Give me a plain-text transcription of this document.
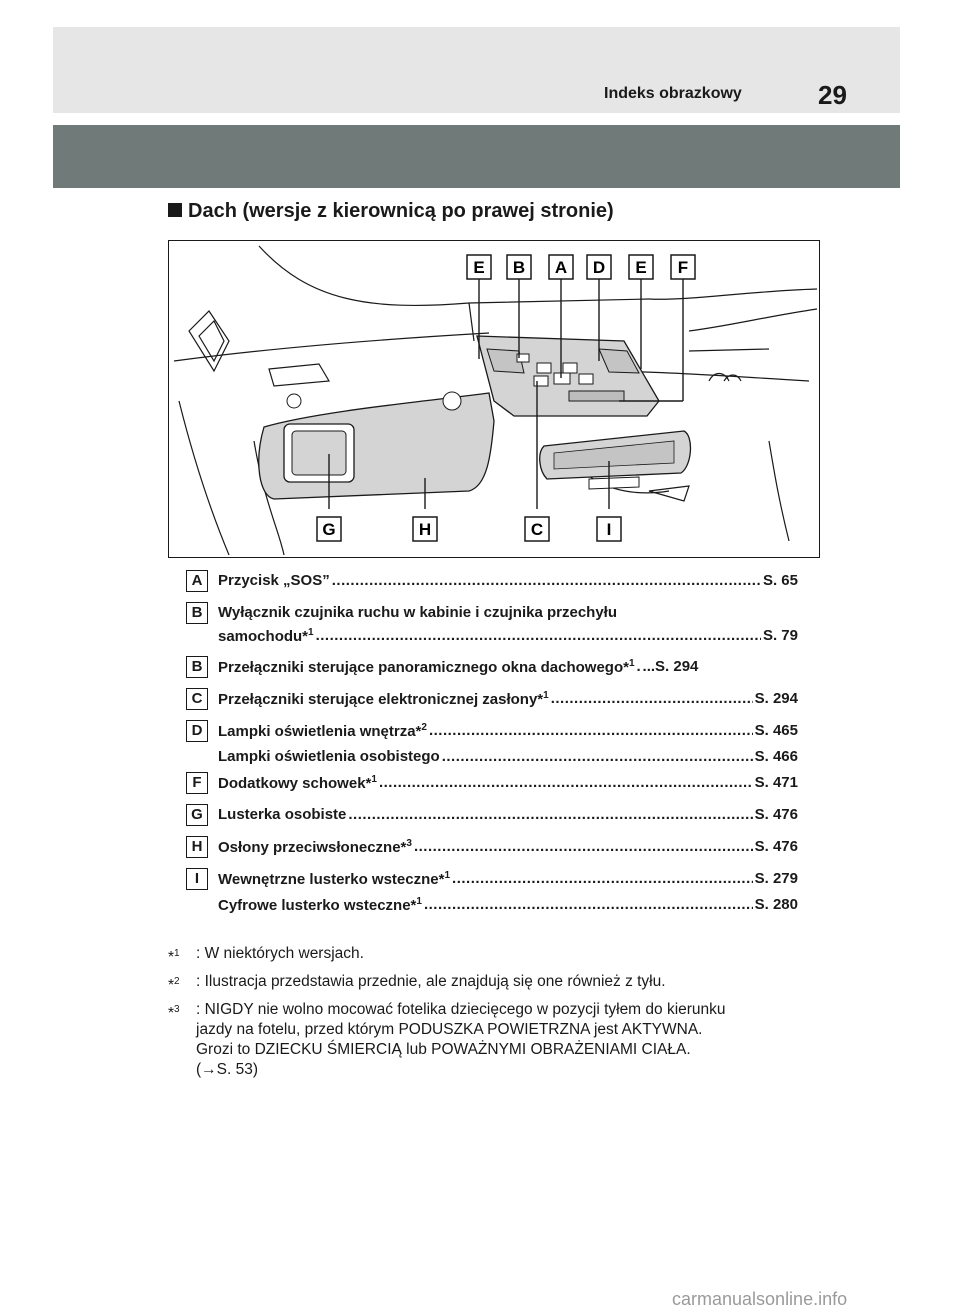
Indeks obrazkowy	29
Dach (wersje z kierownicą po prawej stronie)
E B A D E F
G	H	C	I
A	Przycisk „SOS” .....	S. 65
B	Wyłącznik czujnika ruchu w kabinie i czujnika przechyłu
samochodu*$^1$ .....	S. 79
B	Przełączniki sterujące panoramicznego okna dachowego*$^1$ ..... ...S. 294
C	Przełączniki sterujące elektronicznej zasłony*$^1$ .....	S. 294
D	Lampki oświetlenia wnętrza*$^2$ .....	S. 465
Lampki oświetlenia osobistego .....	S. 466
F	Dodatkowy schowek*$^1$ .....	S. 471
G	Lusterka osobiste .....	S. 476
H	Osłony przeciwsłoneczne*$^3$ .....	S. 476
I	Wewnętrzne lusterko wsteczne*$^1$ .....	S. 279
Cyfrowe lusterko wsteczne*$^1$ .....	S. 280
*$^1$ : W niektórych wersjach.
*$^2$ : Ilustracja przedstawia przednie, ale znajdują się one również z tyłu.
*$^3$ : NIGDY nie wolno mocować fotelika dziecięcego w pozycji tyłem do kierunku
jazdy na fotelu, przed którym PODUSZKA POWIETRZNA jest AKTYWNA.
Grozi to DZIECKU ŚMIERCIĄ lub POWAŻNYMI OBRAŻENIAMI CIAŁA.
(→S. 53)
carmanualsonline.info
